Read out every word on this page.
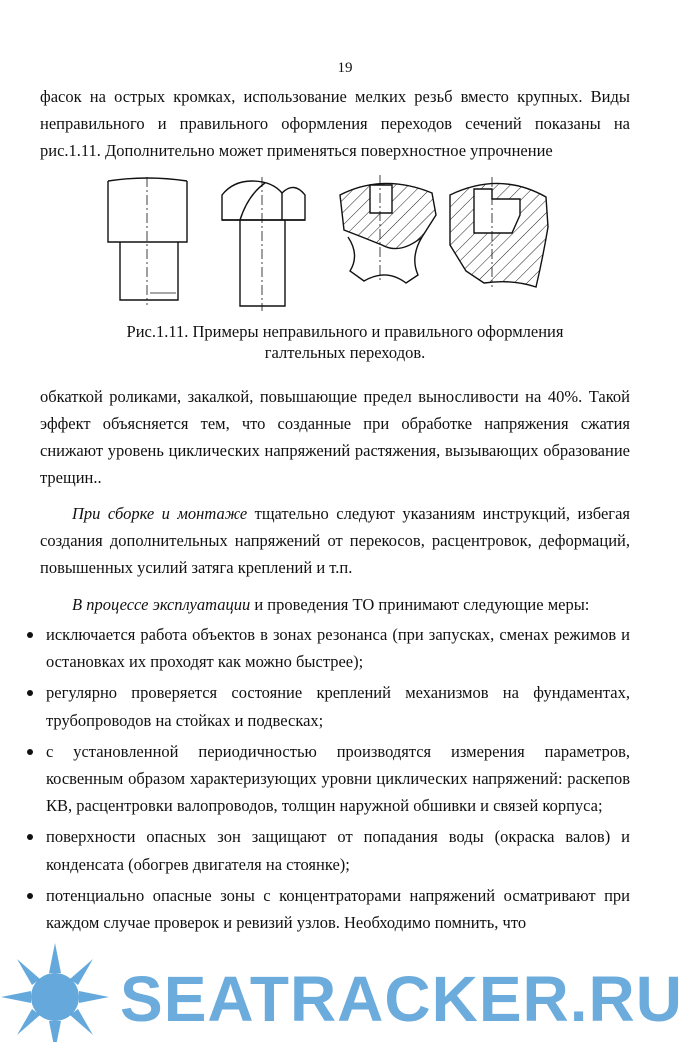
19

фасок на острых кромках, использование мелких резьб вместо крупных. Виды неправильного и правильного оформления переходов сечений показаны на рис.1.11. Дополнительно может применяться поверхностное упрочнение

Рис.1.11. Примеры неправильного и правильного оформления
галтельных переходов.

обкаткой роликами, закалкой, повышающие предел выносливости на 40%. Такой эффект объясняется тем, что созданные при обработке напряжения сжатия снижают уровень циклических напряжений растяжения, вызывающих образование трещин..

При сборке и монтаже тщательно следуют указаниям инструкций, избегая создания дополнительных напряжений от перекосов, расцентровок, деформаций, повышенных усилий затяга креплений и т.п.

В процессе эксплуатации и проведения ТО принимают следующие меры:

исключается работа объектов в зонах резонанса (при запусках, сменах режимов и остановках их проходят как можно быстрее);
регулярно проверяется состояние креплений механизмов на фундаментах, трубопроводов на стойках и подвесках;
с установленной периодичностью производятся измерения параметров, косвенным образом характеризующих уровни циклических напряжений: раскепов КВ, расцентровки валопроводов, толщин наружной обшивки и связей корпуса;
поверхности опасных зон защищают от попадания воды (окраска валов) и конденсата (обогрев двигателя на стоянке);
потенциально опасные зоны с концентраторами напряжений осматривают при каждом случае проверок и ревизий узлов. Необходимо помнить, что
SEATRACKER.RU
